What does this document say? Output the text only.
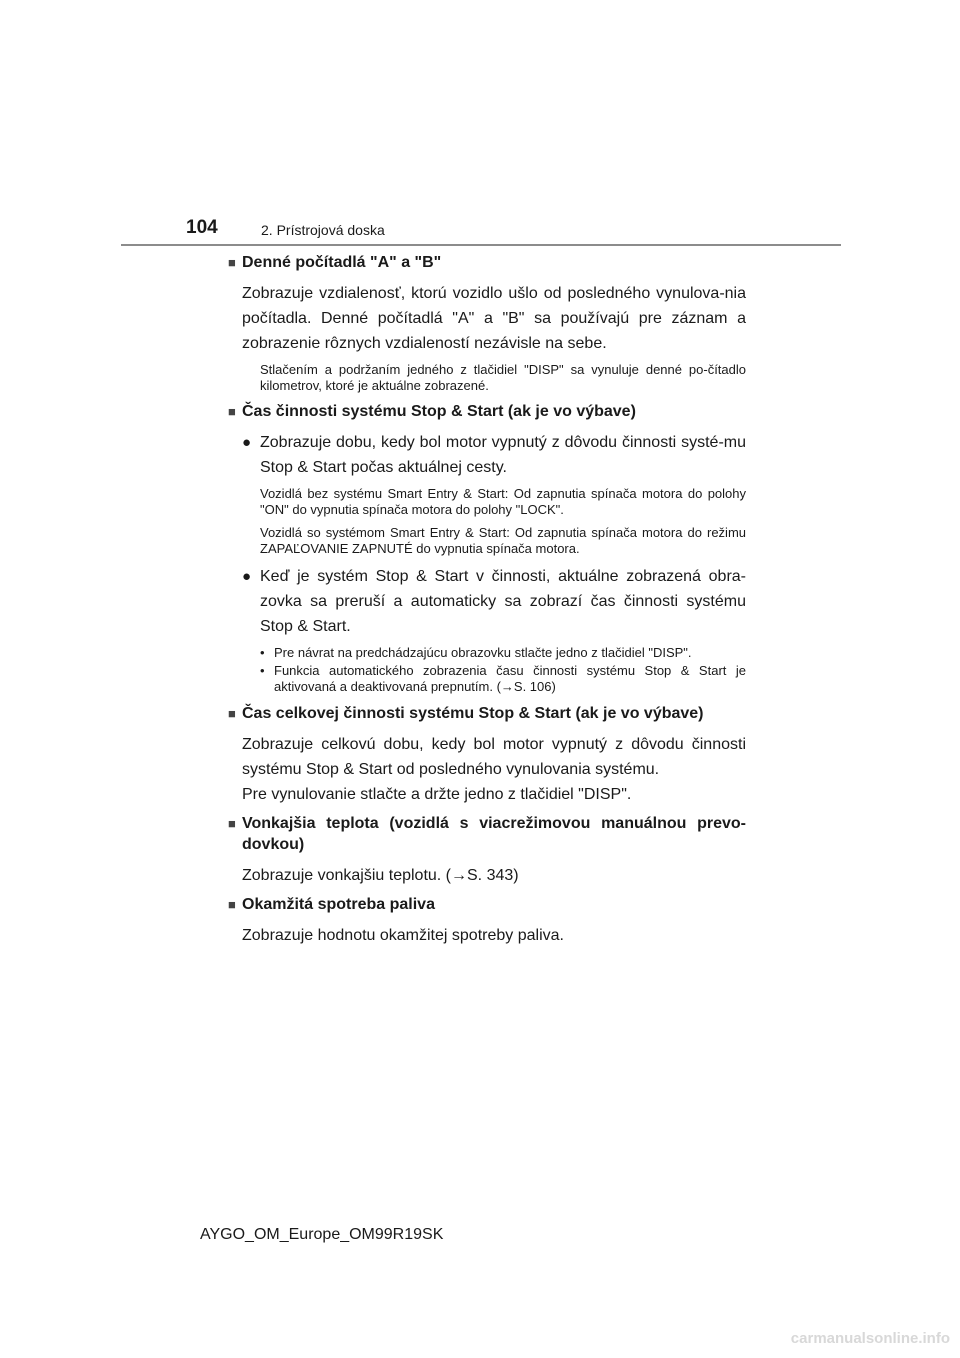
104	2. Prístrojová doska
■ Denné počítadlá "A" a "B"

Zobrazuje vzdialenosť, ktorú vozidlo ušlo od posledného vynulova-nia počítadla. Denné počítadlá "A" a "B" sa používajú pre záznam a zobrazenie rôznych vzdialeností nezávisle na sebe.

Stlačením a podržaním jedného z tlačidiel "DISP" sa vynuluje denné po-čítadlo kilometrov, ktoré je aktuálne zobrazené.

■ Čas činnosti systému Stop & Start (ak je vo výbave)
● Zobrazuje dobu, kedy bol motor vypnutý z dôvodu činnosti systé-mu Stop & Start počas aktuálnej cesty.

Vozidlá bez systému Smart Entry & Start: Od zapnutia spínača motora do polohy "ON" do vypnutia spínača motora do polohy "LOCK".

Vozidlá so systémom Smart Entry & Start: Od zapnutia spínača motora do režimu ZAPAĽOVANIE ZAPNUTÉ do vypnutia spínača motora.

● Keď je systém Stop & Start v činnosti, aktuálne zobrazená obra-zovka sa preruší a automaticky sa zobrazí čas činnosti systému Stop & Start.
• Pre návrat na predchádzajúcu obrazovku stlačte jedno z tlačidiel "DISP".
• Funkcia automatického zobrazenia času činnosti systému Stop & Start je aktivovaná a deaktivovaná prepnutím. (→S. 106)
■ Čas celkovej činnosti systému Stop & Start (ak je vo výbave)

Zobrazuje celkovú dobu, kedy bol motor vypnutý z dôvodu činnosti systému Stop & Start od posledného vynulovania systému.

Pre vynulovanie stlačte a držte jedno z tlačidiel "DISP".

■ Vonkajšia teplota (vozidlá s viacrežimovou manuálnou prevo-dovkou)

Zobrazuje vonkajšiu teplotu. (→S. 343)

■ Okamžitá spotreba paliva

Zobrazuje hodnotu okamžitej spotreby paliva.

AYGO_OM_Europe_OM99R19SK
carmanualsonline.info
